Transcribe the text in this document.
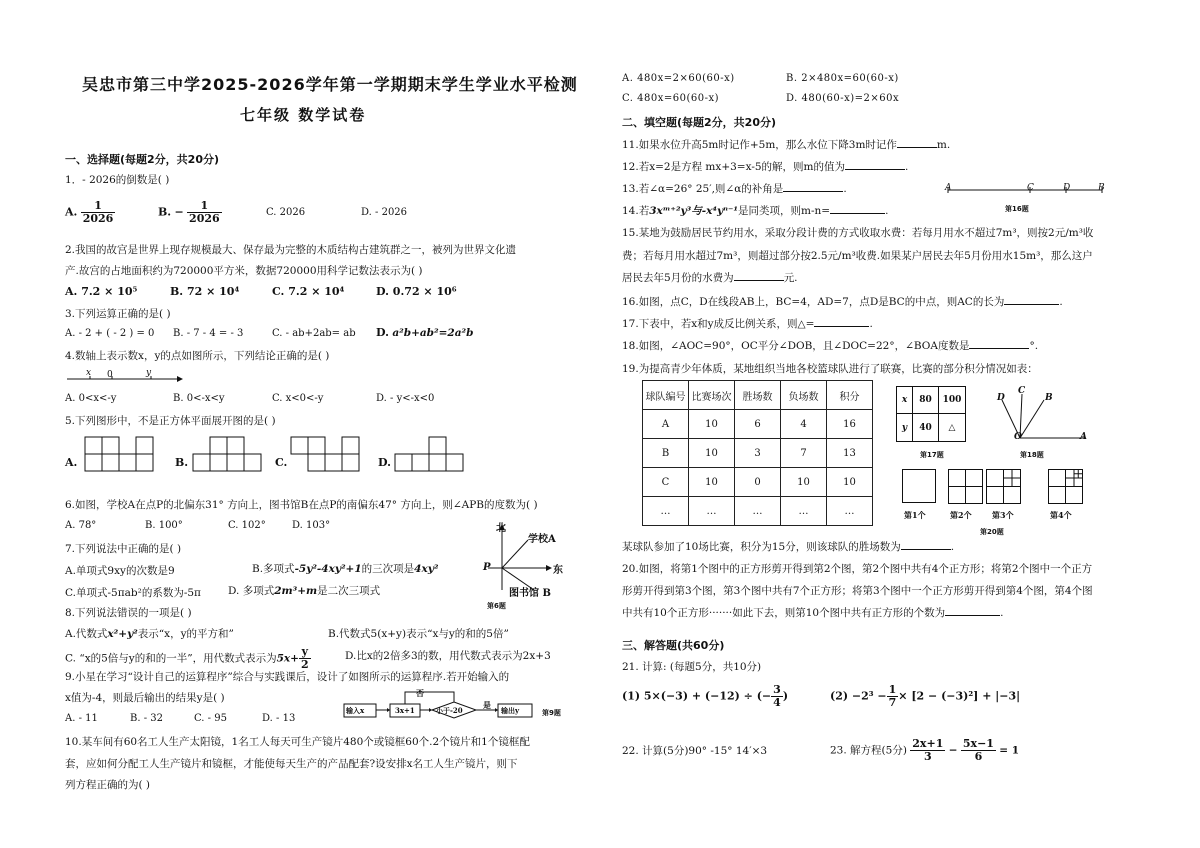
吴忠市第三中学2025-2026学年第一学期期末学生学业水平检测
七年级 数学试卷
一、选择题(每题2分，共20分)
1．- 2026的倒数是( )
A. $\frac{1}{2026}$	B. − $\frac{1}{2026}$	C. 2026	D. - 2026
2.我国的故宫是世界上现存规模最大、保存最为完整的木质结构古建筑群之一，被列为世界文化遗
产.故宫的占地面积约为720000平方米，数据720000用科学记数法表示为( )
A. 7.2 × 10⁵	B. 72 × 10⁴	C. 7.2 × 10⁴	D. 0.72 × 10⁶
3.下列运算正确的是( )
A. - 2 + ( - 2 ) = 0 B. - 7 - 4 = - 3	C. - ab+2ab= ab D. a²b+ab²=2a²b
4.数轴上表示数x，y的点如图所示，下列结论正确的是( )
x 0	y
A. 0<x<-y	B. 0<-x<y	C. x<0<-y	D. - y<-x<0
5.下列图形中，不是正方体平面展开图的是( )
A.	B.	C.	D.
6.如图，学校A在点P的北偏东31° 方向上，图书馆B在点P的南偏东47° 方向上，则∠APB的度数为( )
A. 78°	B. 100°	C. 102°	D. 103°	北
学校A
东
P
图书馆 B
第6题
7.下列说法中正确的是( )
A.单项式9xy的次数是9	B.多项式-5y²-4xy²+1的三次项是4xy²
C.单项式-5πab²的系数为-5π	D. 多项式2m³+m是二次三项式
8.下列说法错误的一项是( )
A.代数式x²+y²表示“x，y的平方和”	B.代数式5(x+y)表示“x与y的和的5倍”
C. “x的5倍与y的和的一半”，用代数式表示为$5x+ \frac{y}{2}$	D.比x的2倍多3的数，用代数式表示为2x+3
9.小星在学习“设计自己的运算程序”综合与实践课后，设计了如图所示的运算程序.若开始输入的
x值为-4，则最后输出的结果y是( )
A. - 11	B. - 32	C. - 95	D. - 13
否
输入x	3x+1	小于-20
是
输出y	第9题
10.某车间有60名工人生产太阳镜，1名工人每天可生产镜片480个或镜框60个.2个镜片和1个镜框配
套，应如何分配工人生产镜片和镜框，才能使每天生产的产品配套?设安排x名工人生产镜片，则下
列方程正确的为( )
A. 480x=2×60(60-x)	B. 2×480x=60(60-x)
C. 480x=60(60-x)	D. 480(60-x)=2×60x
二、填空题(每题2分，共20分)
11.如果水位升高5m时记作+5m，那么水位下降3m时记作	m.
12.若x=2是方程 mx+3=x-5的解，则m的值为	.
13.若∠α=26° 25′,则∠α的补角是	.	A	C	D	B
第16题
14.若3xᵐ⁺²y³与-x⁴yⁿ⁻¹是同类项，则m-n=	.
15.某地为鼓励居民节约用水，采取分段计费的方式收取水费：若每月用水不超过7m³，则按2元/m³收
费；若每月用水超过7m³，则超过部分按2.5元/m³收费.如果某户居民去年5月份用水15m³，那么这户
居民去年5月份的水费为	元.
16.如图，点C，D在线段AB上，BC=4，AD=7，点D是BC的中点，则AC的长为	.
17.下表中，若x和y成反比例关系，则△=	.
18.如图，∠AOC=90°，OC平分∠DOB，且∠DOC=22°，∠BOA度数是	°.
19.为提高青少年体质，某地组织当地各校篮球队进行了联赛，比赛的部分积分情况如表：
球队编号	比赛场次	胜场数	负场数	积分
A	10	6	4	16
B	10	3	7	13
C	10	0	10	10
…	…	…	…	…
x	80	100
y	40	△
第17题
C
D	B
O	A
第18题
第1个	第2个	第3个	第4个
第20题
某球队参加了10场比赛，积分为15分，则该球队的胜场数为	.
20.如图，将第1个图中的正方形剪开得到第2个图，第2个图中共有4个正方形；将第2个图中一个正方
形剪开得到第3个图，第3个图中共有7个正方形；将第3个图中一个正方形剪开得到第4个图，第4个图
中共有10个正方形·······如此下去，则第10个图中共有正方形的个数为	.
三、解答题(共60分)
21. 计算: (每题5分，共10分)
(1) 5×(−3) + (−12) ÷ (− $\frac{3}{4}$ )	$(2) -2^3 - \frac{1}{7} \times [2 - (-3)^2] + |-3|$
22. 计算(5分)90° -15° 14′×3	23. 解方程(5分) $\frac{2x+1}{3} - \frac{5x-1}{6} = 1$
